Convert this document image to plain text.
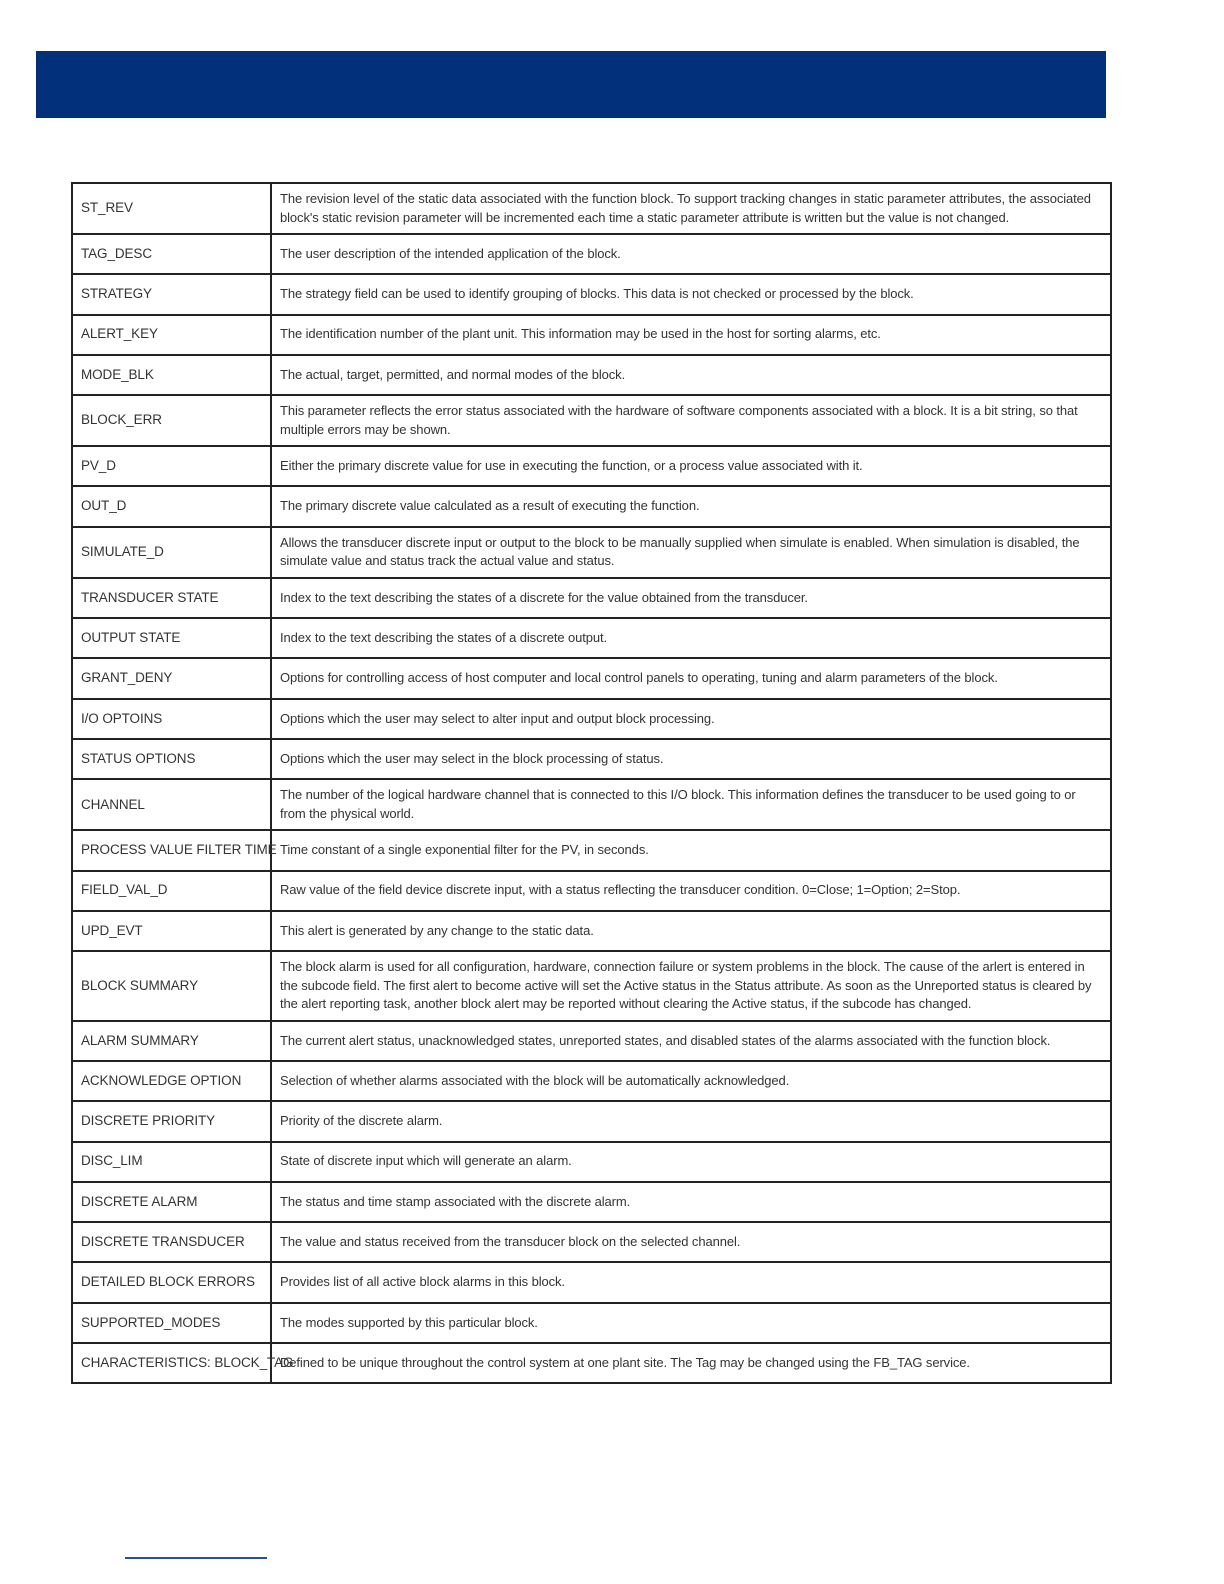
ST_REV	The revision level of the static data associated with the function block. To support tracking changes in static parameter attributes, the associated block's static revision parameter will be incremented each time a static parameter attribute is written but the value is not changed.
TAG_DESC	The user description of the intended application of the block.
STRATEGY	The strategy field can be used to identify grouping of blocks. This data is not checked or processed by the block.
ALERT_KEY	The identification number of the plant unit. This information may be used in the host for sorting alarms, etc.
MODE_BLK	The actual, target, permitted, and normal modes of the block.
BLOCK_ERR	This parameter reflects the error status associated with the hardware of software components associated with a block. It is a bit string, so that multiple errors may be shown.
PV_D	Either the primary discrete value for use in executing the function, or a process value associated with it.
OUT_D	The primary discrete value calculated as a result of executing the function.
SIMULATE_D	Allows the transducer discrete input or output to the block to be manually supplied when simulate is enabled. When simulation is disabled, the simulate value and status track the actual value and status.
TRANSDUCER STATE	Index to the text describing the states of a discrete for the value obtained from the transducer.
OUTPUT STATE	Index to the text describing the states of a discrete output.
GRANT_DENY	Options for controlling access of host computer and local control panels to operating, tuning and alarm parameters of the block.
I/O OPTOINS	Options which the user may select to alter input and output block processing.
STATUS OPTIONS	Options which the user may select in the block processing of status.
CHANNEL	The number of the logical hardware channel that is connected to this I/O block. This information defines the transducer to be used going to or from the physical world.
PROCESS VALUE FILTER TIME	Time constant of a single exponential filter for the PV, in seconds.
FIELD_VAL_D	Raw value of the field device discrete input, with a status reflecting the transducer condition. 0=Close; 1=Option; 2=Stop.
UPD_EVT	This alert is generated by any change to the static data.
BLOCK SUMMARY	The block alarm is used for all configuration, hardware, connection failure or system problems in the block. The cause of the arlert is entered in the subcode field. The first alert to become active will set the Active status in the Status attribute. As soon as the Unreported status is cleared by the alert reporting task, another block alert may be reported without clearing the Active status, if the subcode has changed.
ALARM SUMMARY	The current alert status, unacknowledged states, unreported states, and disabled states of the alarms associated with the function block.
ACKNOWLEDGE OPTION	Selection of whether alarms associated with the block will be automatically acknowledged.
DISCRETE PRIORITY	Priority of the discrete alarm.
DISC_LIM	State of discrete input which will generate an alarm.
DISCRETE ALARM	The status and time stamp associated with the discrete alarm.
DISCRETE TRANSDUCER	The value and status received from the transducer block on the selected channel.
DETAILED BLOCK ERRORS	Provides list of all active block alarms in this block.
SUPPORTED_MODES	The modes supported by this particular block.
CHARACTERISTICS: BLOCK_TAG	Defined to be unique throughout the control system at one plant site. The Tag may be changed using the FB_TAG service.
